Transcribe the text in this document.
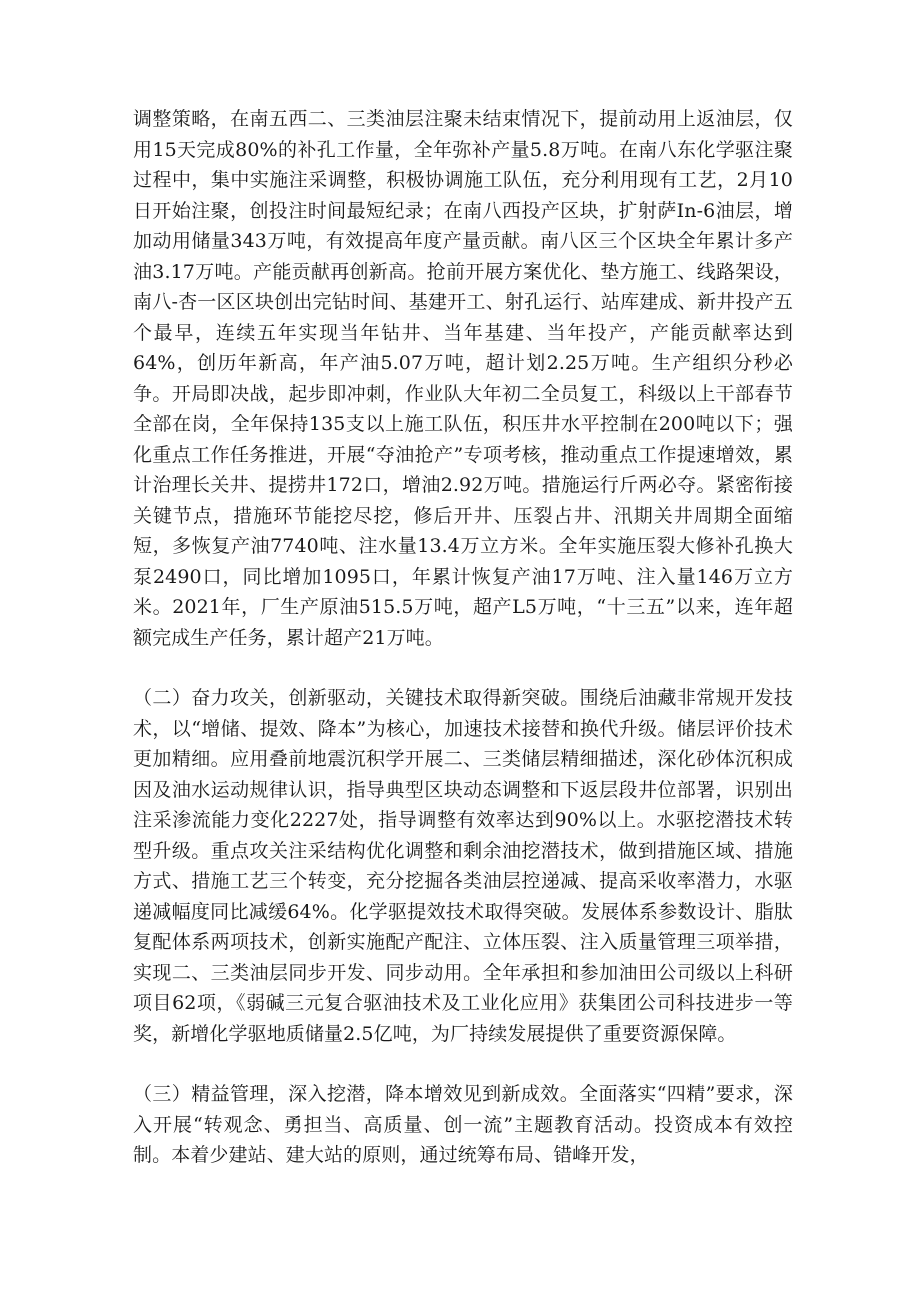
调整策略，在南五西二、三类油层注聚未结束情况下，提前动用上返油层，仅用15天完成80%的补孔工作量，全年弥补产量5.8万吨。在南八东化学驱注聚过程中，集中实施注采调整，积极协调施工队伍，充分利用现有工艺，2月10日开始注聚，创投注时间最短纪录；在南八西投产区块，扩射萨In-6油层，增加动用储量343万吨，有效提高年度产量贡献。南八区三个区块全年累计多产油3.17万吨。产能贡献再创新高。抢前开展方案优化、垫方施工、线路架设，南八-杏一区区块创出完钻时间、基建开工、射孔运行、站库建成、新井投产五个最早，连续五年实现当年钻井、当年基建、当年投产，产能贡献率达到64%，创历年新高，年产油5.07万吨，超计划2.25万吨。生产组织分秒必争。开局即决战，起步即冲刺，作业队大年初二全员复工，科级以上干部春节全部在岗，全年保持135支以上施工队伍，积压井水平控制在200吨以下；强化重点工作任务推进，开展“夺油抢产”专项考核，推动重点工作提速增效，累计治理长关井、提捞井172口，增油2.92万吨。措施运行斤两必夺。紧密衔接关键节点，措施环节能挖尽挖，修后开井、压裂占井、汛期关井周期全面缩短，多恢复产油7740吨、注水量13.4万立方米。全年实施压裂大修补孔换大泵2490口，同比增加1095口，年累计恢复产油17万吨、注入量146万立方米。2021年，厂生产原油515.5万吨，超产L5万吨，“十三五”以来，连年超额完成生产任务，累计超产21万吨。

（二）奋力攻关，创新驱动，关键技术取得新突破。围绕后油藏非常规开发技术，以“增储、提效、降本”为核心，加速技术接替和换代升级。储层评价技术更加精细。应用叠前地震沉积学开展二、三类储层精细描述，深化砂体沉积成因及油水运动规律认识，指导典型区块动态调整和下返层段井位部署，识别出注采渗流能力变化2227处，指导调整有效率达到90%以上。水驱挖潜技术转型升级。重点攻关注采结构优化调整和剩余油挖潜技术，做到措施区域、措施方式、措施工艺三个转变，充分挖掘各类油层控递减、提高采收率潜力，水驱递减幅度同比减缓64%。化学驱提效技术取得突破。发展体系参数设计、脂肽复配体系两项技术，创新实施配产配注、立体压裂、注入质量管理三项举措，实现二、三类油层同步开发、同步动用。全年承担和参加油田公司级以上科研项目62项，《弱碱三元复合驱油技术及工业化应用》获集团公司科技进步一等奖，新增化学驱地质储量2.5亿吨，为厂持续发展提供了重要资源保障。

（三）精益管理，深入挖潜，降本增效见到新成效。全面落实“四精”要求，深入开展“转观念、勇担当、高质量、创一流”主题教育活动。投资成本有效控制。本着少建站、建大站的原则，通过统筹布局、错峰开发，
